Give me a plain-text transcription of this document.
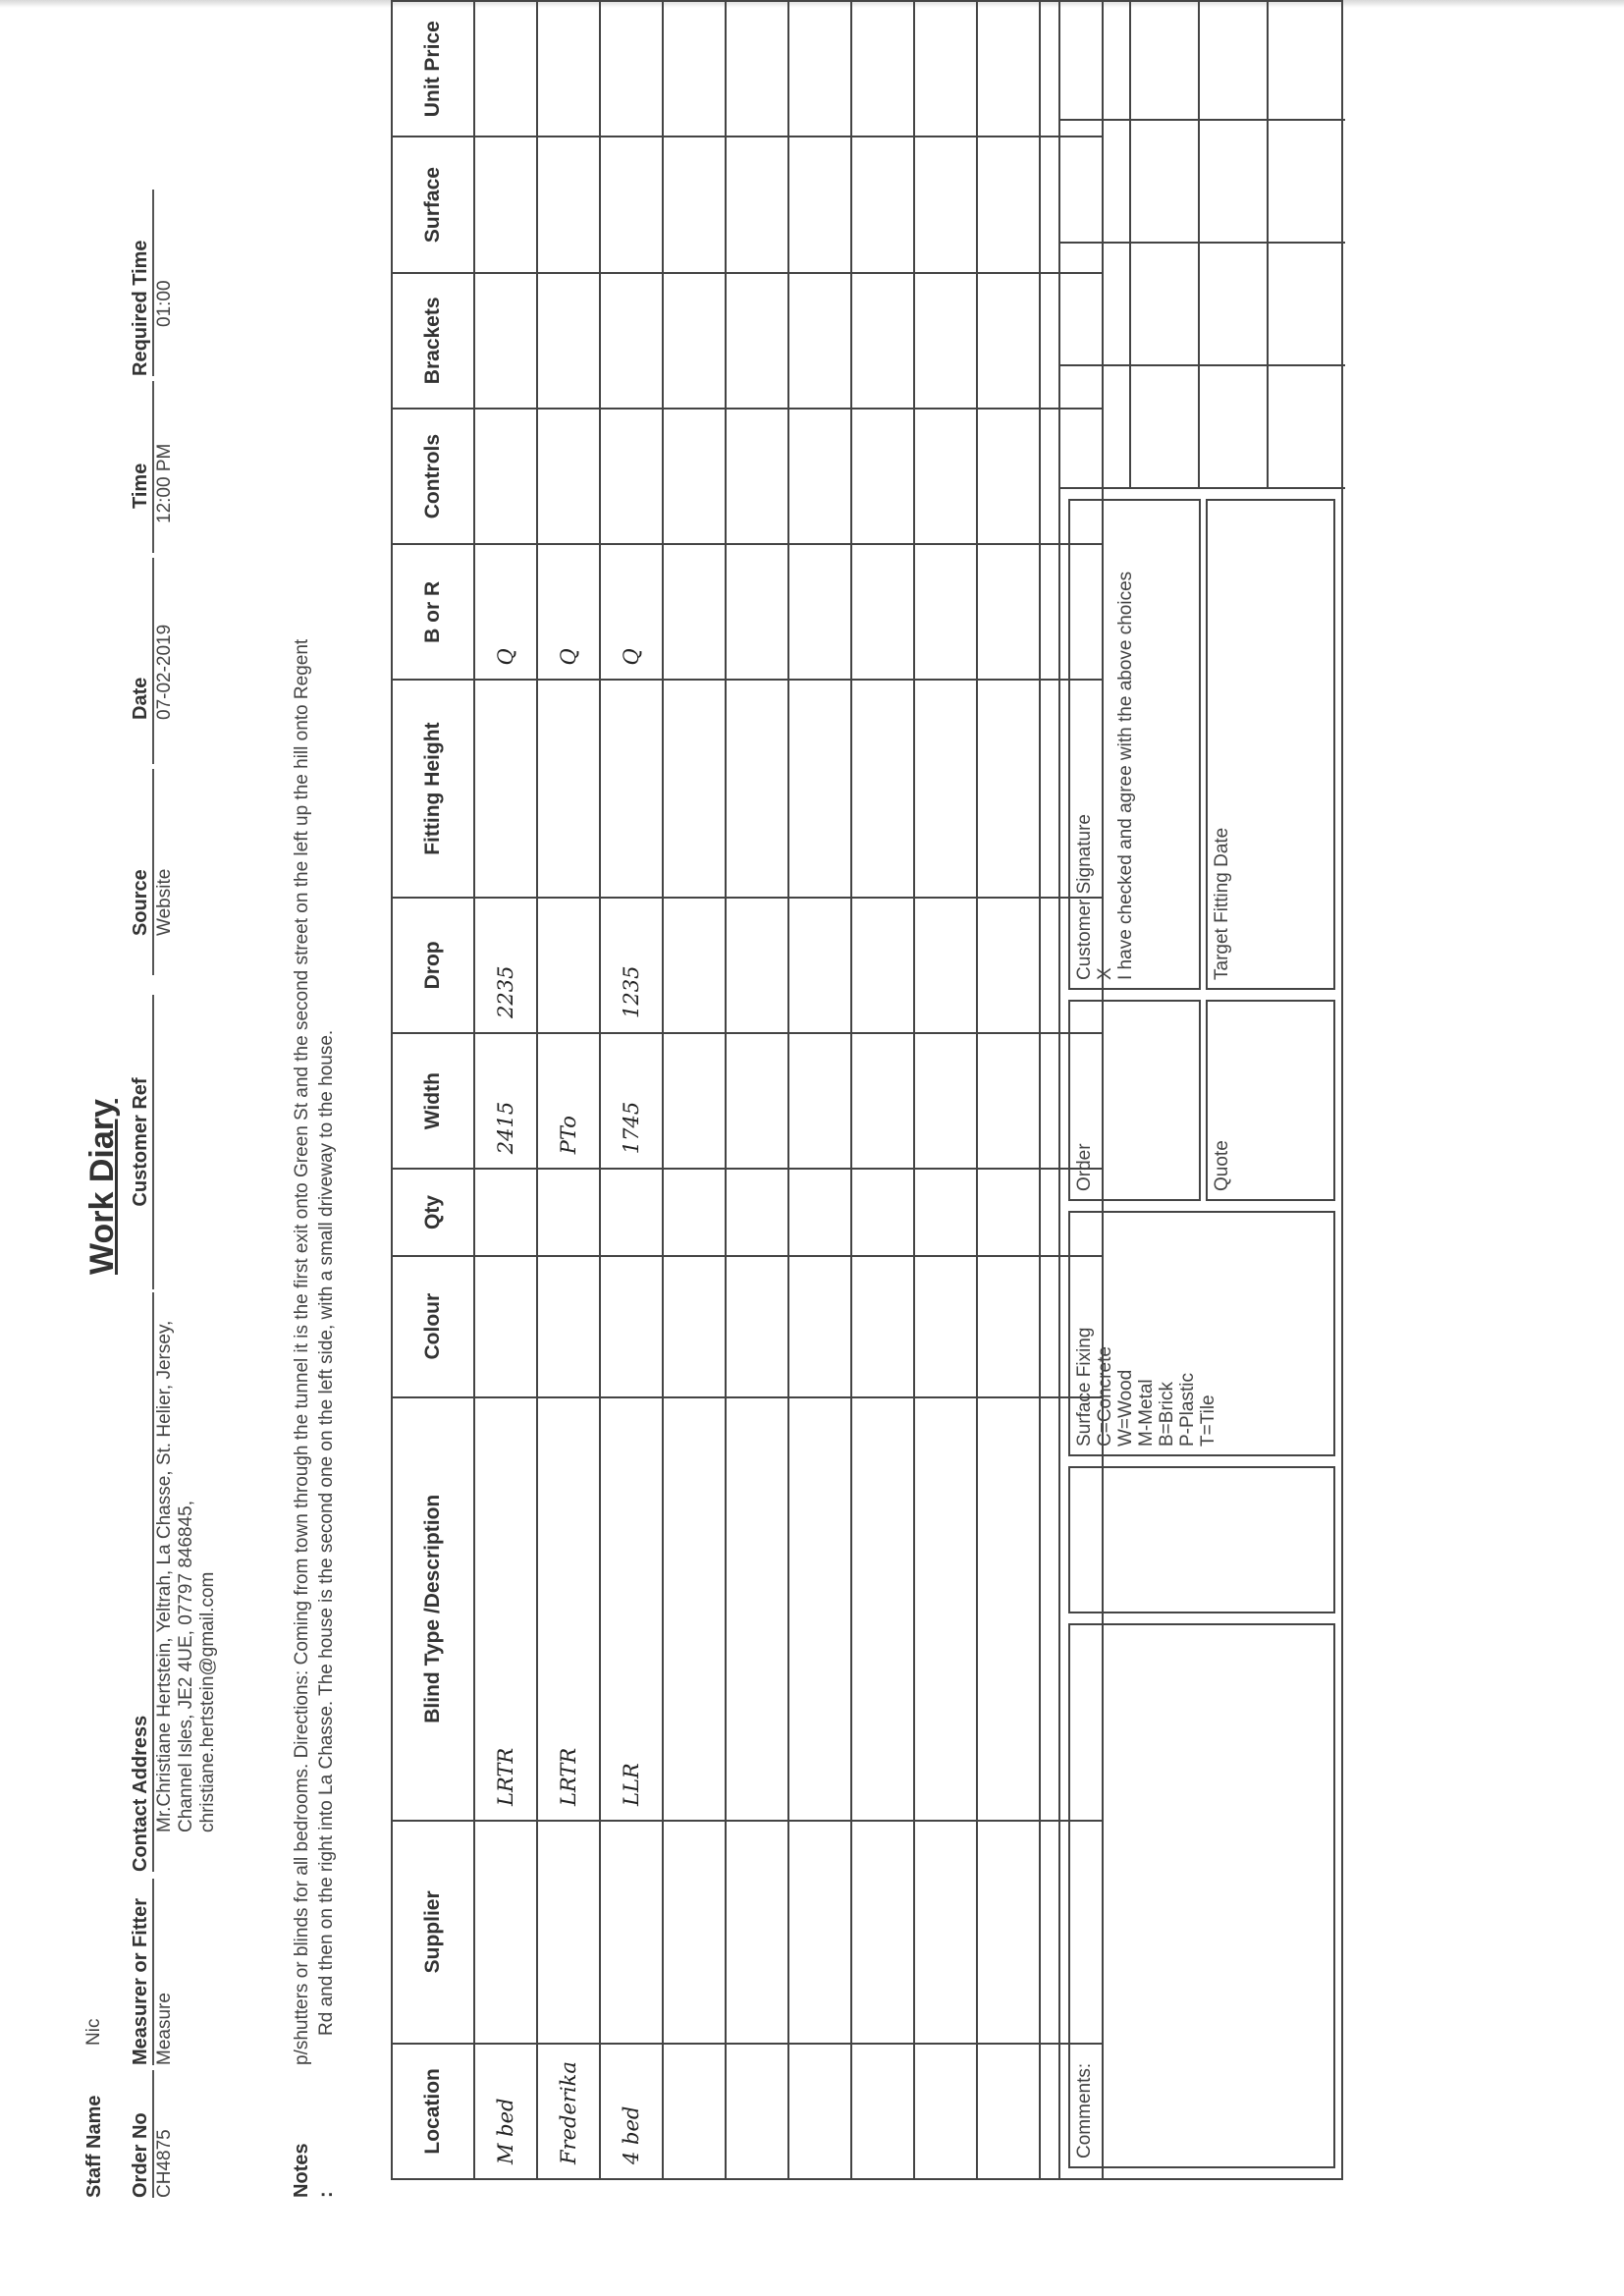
Work Diary
Staff Name
Nic
Order No CH4875
Measurer or Fitter Measure
Contact Address Mr.Christiane Hertstein, Yeltrah, La Chasse, St. Helier, Jersey, Channel Isles, JE2 4UE, 07797 846845, christiane.hertstein@gmail.com
Customer Ref
Source Website
Date 07-02-2019
Time 12:00 PM
Required Time 01:00
Notes :
p/shutters or blinds for all bedrooms. Directions: Coming from town through the tunnel it is the first exit onto Green St and the second street on the left up the hill onto Regent Rd and then on the right into La Chasse. The house is the second one on the left side, with a small driveway to the house.
Location	Supplier	Blind Type /Description	Colour	Qty	Width	Drop	Fitting Height	B or R	Controls	Brackets	Surface	Unit Price
M bed		LRTR			2415	2235		Q				
Frederika		LRTR			PTo			Q				
4 bed		LLR			1745	1235		Q				

Comments:
Surface Fixing C=Concrete W=Wood M-Metal B=Brick P-Plastic T=Tile
Order	Quote
Customer Signature X I have checked and agree with the above choices	Target Fitting Date
